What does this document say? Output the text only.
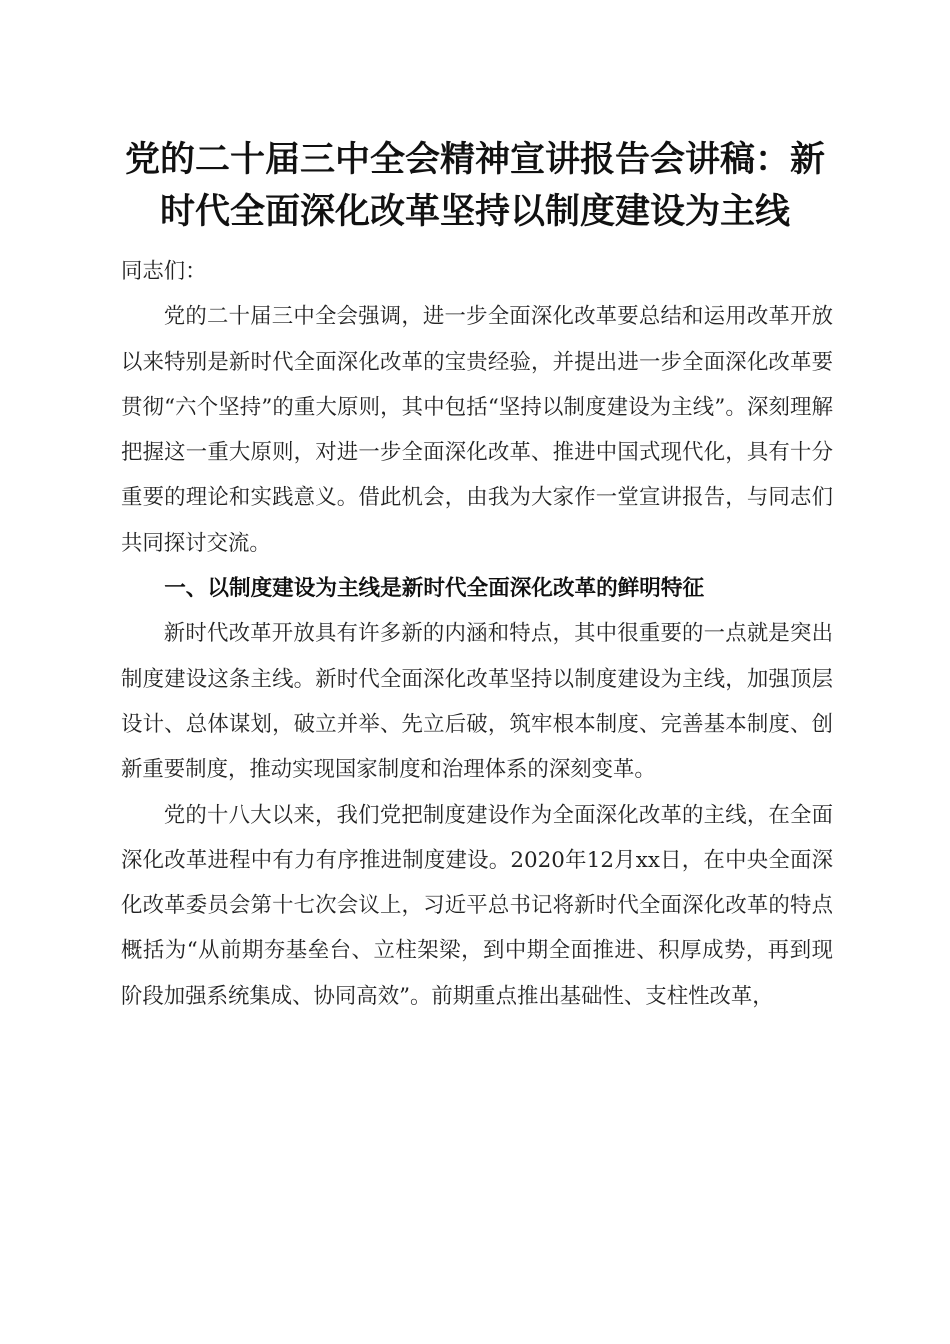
党的二十届三中全会精神宣讲报告会讲稿：新
时代全面深化改革坚持以制度建设为主线

同志们：

党的二十届三中全会强调，进一步全面深化改革要总结和运用改革开放以来特别是新时代全面深化改革的宝贵经验，并提出进一步全面深化改革要贯彻“六个坚持”的重大原则，其中包括“坚持以制度建设为主线”。深刻理解把握这一重大原则，对进一步全面深化改革、推进中国式现代化，具有十分重要的理论和实践意义。借此机会，由我为大家作一堂宣讲报告，与同志们共同探讨交流。

一、以制度建设为主线是新时代全面深化改革的鲜明特征

新时代改革开放具有许多新的内涵和特点，其中很重要的一点就是突出制度建设这条主线。新时代全面深化改革坚持以制度建设为主线，加强顶层设计、总体谋划，破立并举、先立后破，筑牢根本制度、完善基本制度、创新重要制度，推动实现国家制度和治理体系的深刻变革。

党的十八大以来，我们党把制度建设作为全面深化改革的主线，在全面深化改革进程中有力有序推进制度建设。2020年12月xx日，在中央全面深化改革委员会第十七次会议上，习近平总书记将新时代全面深化改革的特点概括为“从前期夯基垒台、立柱架梁，到中期全面推进、积厚成势，再到现阶段加强系统集成、协同高效”。前期重点推出基础性、支柱性改革，
